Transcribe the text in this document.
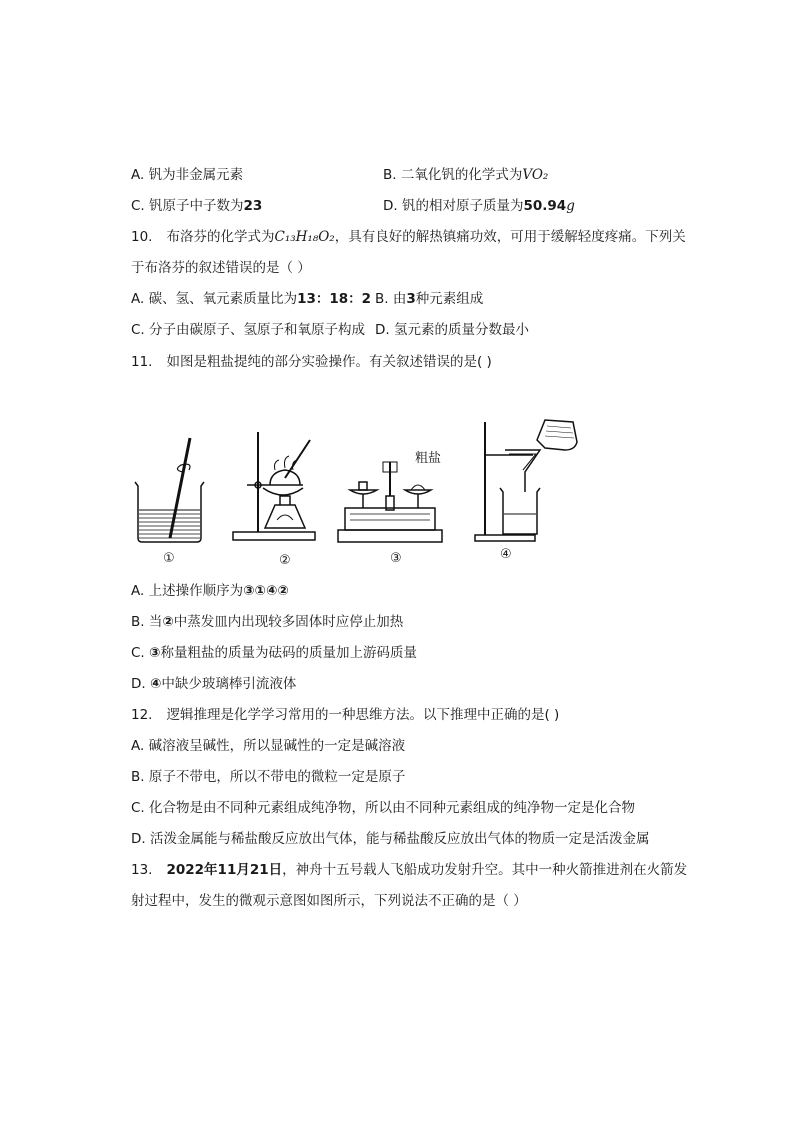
A. 钒为非金属元素	B. 二氧化钒的化学式为VO₂
C. 钒原子中子数为23	D. 钒的相对原子质量为50.94g
10. 布洛芬的化学式为C₁₃H₁₈O₂，具有良好的解热镇痛功效，可用于缓解轻度疼痛。下列关
于布洛芬的叙述错误的是（ ）
A. 碳、氢、氧元素质量比为13：18：2 B. 由3种元素组成
C. 分子由碳原子、氢原子和氧原子构成 D. 氢元素的质量分数最小
11. 如图是粗盐提纯的部分实验操作。有关叙述错误的是( )
粗盐
①	②	③	④
A. 上述操作顺序为③①④②
B. 当②中蒸发皿内出现较多固体时应停止加热
C. ③称量粗盐的质量为砝码的质量加上游码质量
D. ④中缺少玻璃棒引流液体
12. 逻辑推理是化学学习常用的一种思维方法。以下推理中正确的是( )
A. 碱溶液呈碱性，所以显碱性的一定是碱溶液
B. 原子不带电，所以不带电的微粒一定是原子
C. 化合物是由不同种元素组成纯净物，所以由不同种元素组成的纯净物一定是化合物
D. 活泼金属能与稀盐酸反应放出气体，能与稀盐酸反应放出气体的物质一定是活泼金属
13. 2022年11月21日，神舟十五号载人飞船成功发射升空。其中一种火箭推进剂在火箭发
射过程中，发生的微观示意图如图所示，下列说法不正确的是（ ）
